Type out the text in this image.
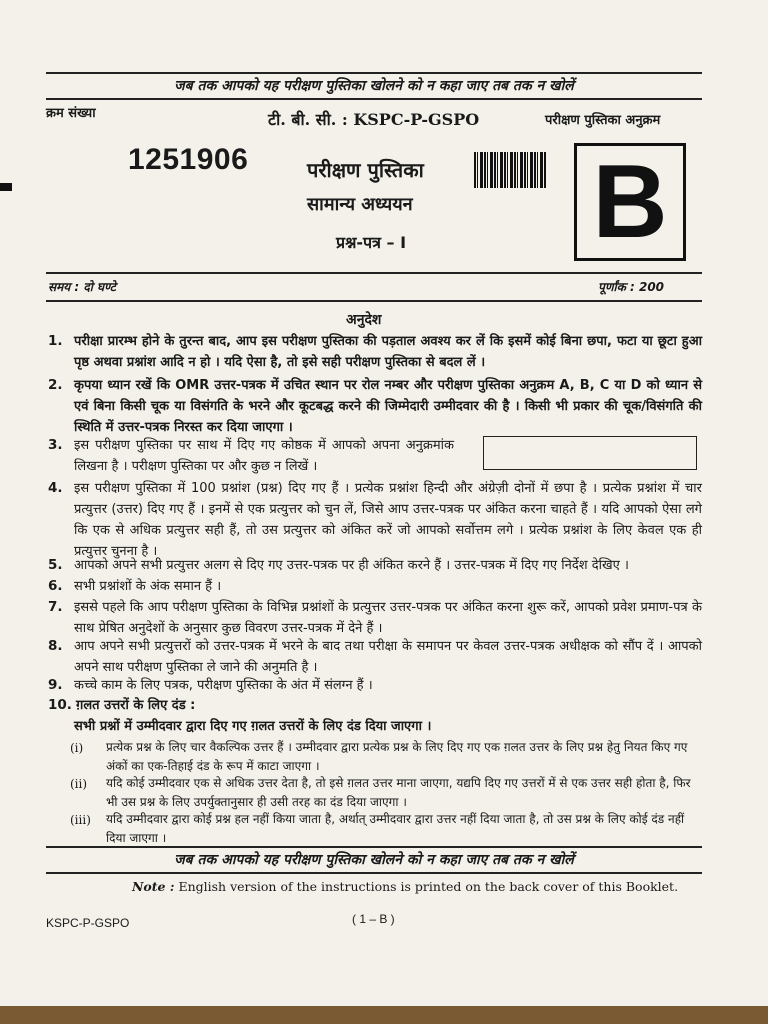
जब तक आपको यह परीक्षण पुस्तिका खोलने को न कहा जाए तब तक न खोलें
क्रम संख्या	टी. बी. सी. : KSPC-P-GSPO	परीक्षण पुस्तिका अनुक्रम
1251906	परीक्षण पुस्तिका
सामान्य अध्ययन
प्रश्न-पत्र – I B
समय : दो घण्टे	पूर्णांक : 200
अनुदेश
1. परीक्षा प्रारम्भ होने के तुरन्त बाद, आप इस परीक्षण पुस्तिका की पड़ताल अवश्य कर लें कि इसमें कोई बिना छपा, फटा या छूटा हुआ पृष्ठ अथवा प्रश्नांश आदि न हो । यदि ऐसा है, तो इसे सही परीक्षण पुस्तिका से बदल लें ।
2. कृपया ध्यान रखें कि OMR उत्तर-पत्रक में उचित स्थान पर रोल नम्बर और परीक्षण पुस्तिका अनुक्रम A, B, C या D को ध्यान से एवं बिना किसी चूक या विसंगति के भरने और कूटबद्ध करने की जिम्मेदारी उम्मीदवार की है । किसी भी प्रकार की चूक/विसंगति की स्थिति में उत्तर-पत्रक निरस्त कर दिया जाएगा ।
3. इस परीक्षण पुस्तिका पर साथ में दिए गए कोष्ठक में आपको अपना अनुक्रमांक लिखना है । परीक्षण पुस्तिका पर और कुछ न लिखें ।
4. इस परीक्षण पुस्तिका में 100 प्रश्नांश (प्रश्न) दिए गए हैं । प्रत्येक प्रश्नांश हिन्दी और अंग्रेज़ी दोनों में छपा है । प्रत्येक प्रश्नांश में चार प्रत्युत्तर (उत्तर) दिए गए हैं । इनमें से एक प्रत्युत्तर को चुन लें, जिसे आप उत्तर-पत्रक पर अंकित करना चाहते हैं । यदि आपको ऐसा लगे कि एक से अधिक प्रत्युत्तर सही हैं, तो उस प्रत्युत्तर को अंकित करें जो आपको सर्वोत्तम लगे । प्रत्येक प्रश्नांश के लिए केवल एक ही प्रत्युत्तर चुनना है ।
5. आपको अपने सभी प्रत्युत्तर अलग से दिए गए उत्तर-पत्रक पर ही अंकित करने हैं । उत्तर-पत्रक में दिए गए निर्देश देखिए ।
6. सभी प्रश्नांशों के अंक समान हैं ।
7. इससे पहले कि आप परीक्षण पुस्तिका के विभिन्न प्रश्नांशों के प्रत्युत्तर उत्तर-पत्रक पर अंकित करना शुरू करें, आपको प्रवेश प्रमाण-पत्र के साथ प्रेषित अनुदेशों के अनुसार कुछ विवरण उत्तर-पत्रक में देने हैं ।
8. आप अपने सभी प्रत्युत्तरों को उत्तर-पत्रक में भरने के बाद तथा परीक्षा के समापन पर केवल उत्तर-पत्रक अधीक्षक को सौंप दें । आपको अपने साथ परीक्षण पुस्तिका ले जाने की अनुमति है ।
9. कच्चे काम के लिए पत्रक, परीक्षण पुस्तिका के अंत में संलग्न हैं ।
10. ग़लत उत्तरों के लिए दंड :
सभी प्रश्नों में उम्मीदवार द्वारा दिए गए ग़लत उत्तरों के लिए दंड दिया जाएगा ।
(i) प्रत्येक प्रश्न के लिए चार वैकल्पिक उत्तर हैं । उम्मीदवार द्वारा प्रत्येक प्रश्न के लिए दिए गए एक ग़लत उत्तर के लिए प्रश्न हेतु नियत किए गए अंकों का एक-तिहाई दंड के रूप में काटा जाएगा ।
(ii) यदि कोई उम्मीदवार एक से अधिक उत्तर देता है, तो इसे ग़लत उत्तर माना जाएगा, यद्यपि दिए गए उत्तरों में से एक उत्तर सही होता है, फिर भी उस प्रश्न के लिए उपर्युक्तानुसार ही उसी तरह का दंड दिया जाएगा ।
(iii) यदि उम्मीदवार द्वारा कोई प्रश्न हल नहीं किया जाता है, अर्थात् उम्मीदवार द्वारा उत्तर नहीं दिया जाता है, तो उस प्रश्न के लिए कोई दंड नहीं दिया जाएगा ।
जब तक आपको यह परीक्षण पुस्तिका खोलने को न कहा जाए तब तक न खोलें
Note : English version of the instructions is printed on the back cover of this Booklet.
KSPC-P-GSPO	( 1 – B )
